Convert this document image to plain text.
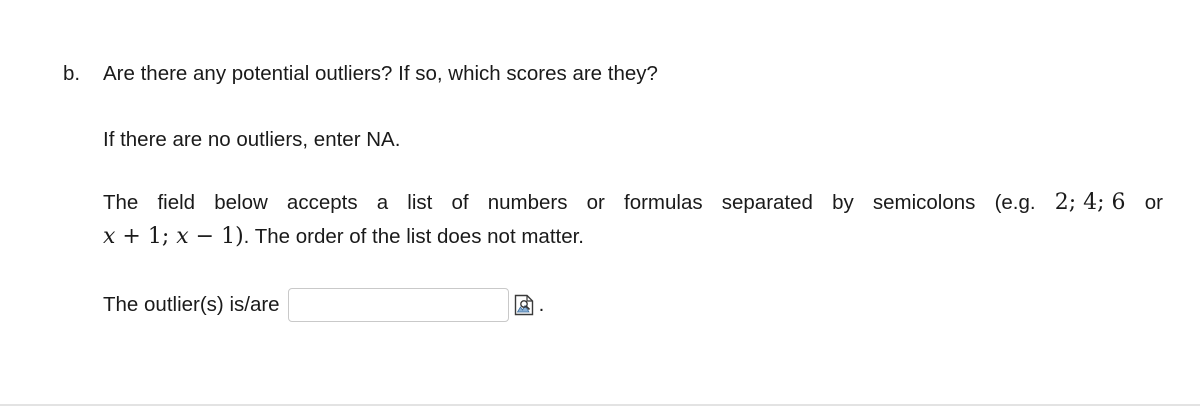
b. Are there any potential outliers? If so, which scores are they?
If there are no outliers, enter NA.
The field below accepts a list of numbers or formulas separated by semicolons (e.g. 2; 4; 6 or
x + 1; x − 1). The order of the list does not matter.
The outlier(s) is/are	.
